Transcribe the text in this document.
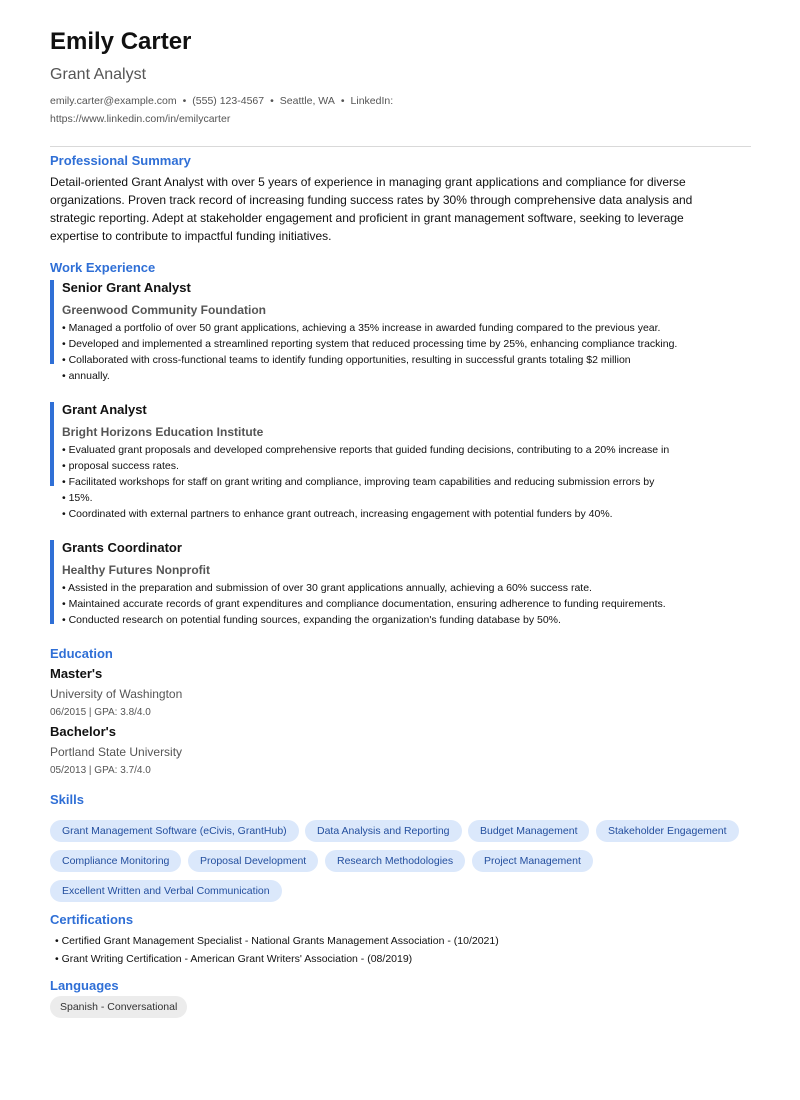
Emily Carter
Grant Analyst
emily.carter@example.com • (555) 123-4567 • Seattle, WA • LinkedIn:
https://www.linkedin.com/in/emilycarter
Professional Summary
Detail-oriented Grant Analyst with over 5 years of experience in managing grant applications and compliance for diverse
organizations. Proven track record of increasing funding success rates by 30% through comprehensive data analysis and
strategic reporting. Adept at stakeholder engagement and proficient in grant management software, seeking to leverage
expertise to contribute to impactful funding initiatives.
Work Experience
Senior Grant Analyst
Greenwood Community Foundation
• Managed a portfolio of over 50 grant applications, achieving a 35% increase in awarded funding compared to the previous year.
• Developed and implemented a streamlined reporting system that reduced processing time by 25%, enhancing compliance tracking.
• Collaborated with cross-functional teams to identify funding opportunities, resulting in successful grants totaling $2 million
• annually.
Grant Analyst
Bright Horizons Education Institute
• Evaluated grant proposals and developed comprehensive reports that guided funding decisions, contributing to a 20% increase in
• proposal success rates.
• Facilitated workshops for staff on grant writing and compliance, improving team capabilities and reducing submission errors by
• 15%.
• Coordinated with external partners to enhance grant outreach, increasing engagement with potential funders by 40%.
Grants Coordinator
Healthy Futures Nonprofit
• Assisted in the preparation and submission of over 30 grant applications annually, achieving a 60% success rate.
• Maintained accurate records of grant expenditures and compliance documentation, ensuring adherence to funding requirements.
• Conducted research on potential funding sources, expanding the organization's funding database by 50%.
Education
Master's
University of Washington
06/2015 | GPA: 3.8/4.0
Bachelor's
Portland State University
05/2013 | GPA: 3.7/4.0
Skills
Grant Management Software (eCivis, GrantHub)	Data Analysis and Reporting	Budget Management	Stakeholder Engagement
Compliance Monitoring	Proposal Development	Research Methodologies	Project Management
Excellent Written and Verbal Communication
Certifications
• Certified Grant Management Specialist - National Grants Management Association - (10/2021)
• Grant Writing Certification - American Grant Writers' Association - (08/2019)
Languages
Spanish - Conversational
